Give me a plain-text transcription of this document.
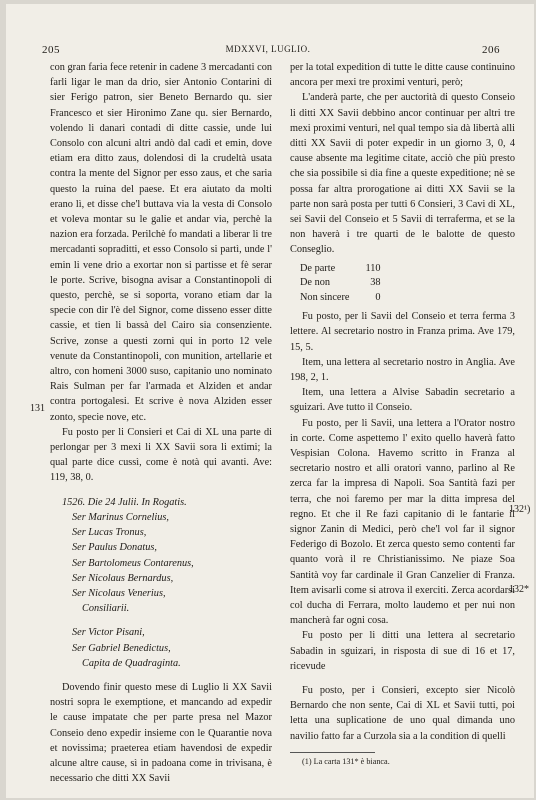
205	MDXXVI, LUGLIO.	206
131
132¹)
132*

con gran faria fece retenir in cadene 3 mercadanti con farli ligar le man da drio, sier Antonio Contarini di sier Ferigo patron, sier Beneto Bernardo qu. sier Francesco et sier Hironimo Zane qu. sier Bernardo, volendo li danari contadi di ditte cassie, unde lui Consolo con alcuni altri andò dal cadi et emin, dove etiam era ditto zaus, dolendosi di la crudeltà usata contra la mente del Signor per esso zaus, et che saria questo la ruina del paese. Et era aiutato da molti erano lì, et disse che'l buttava via la vesta di Consolo et voleva montar su le galie et andar via, perchè la nazion era forzada. Perilchè fo mandati a liberar li tre mercadanti sopraditti, et esso Consolo si partì, unde l' emin li vene drio a exortar non si partisse et fè serar le porte. Scrive, bisogna avisar a Constantinopoli di questo, perchè, se si soporta, vorano etiam dar la specie con dir l'è del Signor, come disseno esser ditte cassie, et tien li bassà del Cairo sia consenziente. Scrive, zonse a questi zorni qui in porto 12 vele venute da Constantinopoli, con munition, artellarie et altro, con homeni 3000 suso, capitanio uno nominato Rais Sulman per far l'armada et Alziden et andar contra portogalesi. Et scrive è nova Alziden esser zonto, specie nove, etc.

Fu posto per li Consieri et Cai di XL una parte di perlongar per 3 mexi li XX Savii sora li extimi; la qual parte dice cussì, come è notà qui avanti. Ave: 119, 38, 0.

1526. Die 24 Julii. In Rogatis.

Ser Marinus Cornelius,
Ser Lucas Tronus,
Ser Paulus Donatus,
Ser Bartolomeus Contarenus,
Ser Nicolaus Bernardus,
Ser Nicolaus Venerius,
Consiliarii.
Ser Victor Pisani,
Ser Gabriel Benedictus,
Capita de Quadraginta.

Dovendo finir questo mese di Luglio li XX Savii nostri sopra le exemptione, et mancando ad expedir le cause impatate che per parte presa nel Mazor Conseio deno expedir insieme con le Quarantie nova et novissima; praeterea etiam havendosi de expedir alcune altre cause, sì in padoana come in trivisana, è necessario che ditti XX Savii

per la total expedition di tutte le ditte cause continuino ancora per mexi tre proximi venturi, però;

L'anderà parte, che per auctorità di questo Conseio li ditti XX Savii debbino ancor continuar per altri tre mexi proximi venturi, nel qual tempo sia dà libertà alli ditti XX Savii di poter expedir in un giorno 3, 0, 4 cause absente ma legitime citate, acciò che più presto che sia possibile si dia fine a queste expeditione; nè se possa far altra prorogatione ai ditti XX Savii se la parte non sarà posta per tutti 6 Consieri, 3 Cavi di XL, sei Savii del Conseio et 5 Savii di terraferma, et se la non haverà i tre quarti de le balotte de questo Conseglio.

De parte	110
De non	38
Non sincere	0

Fu posto, per li Savii del Conseio et terra ferma 3 lettere. Al secretario nostro in Franza prima. Ave 179, 15, 5.

Item, una lettera al secretario nostro in Anglia. Ave 198, 2, 1.

Item, una lettera a Alvise Sabadin secretario a sguizari. Ave tutto il Conseio.

Fu posto, per li Savii, una lettera a l'Orator nostro in corte. Come aspettemo l' exito quello haverà fatto Vespisian Colona. Havemo scritto in Franza al secretario nostro et alli oratori vanno, parlino al Re zerca far la impresa di Napoli. Soa Santità fazi per terra, che noi faremo per mar la ditta impresa del regno. Et che il Re fazi capitanio di le fantarie il signor Zanin di Medici, però che'l vol far il signor Federigo di Bozolo. Et zerca questo semo contenti far quanto vorà il re Christianissimo. Ne piaze Soa Santità voy far cardinale il Gran Canzelier di Franza. Item avisarli come si atrova il exerciti. Zerca acordarsi col ducha di Ferrara, molto laudemo et per nui non mancherà far ogni cosa.

Fu posto per li ditti una lettera al secretario Sabadin in sguizari, in risposta di sue di 16 et 17, ricevude

Fu posto, per i Consieri, excepto sier Nicolò Bernardo che non sente, Cai di XL et Savii tutti, poi letta una suplicatione de uno qual dimanda uno navilio fatto far a Curzola sia a la condition di quelli

(1) La carta 131* è bianca.
